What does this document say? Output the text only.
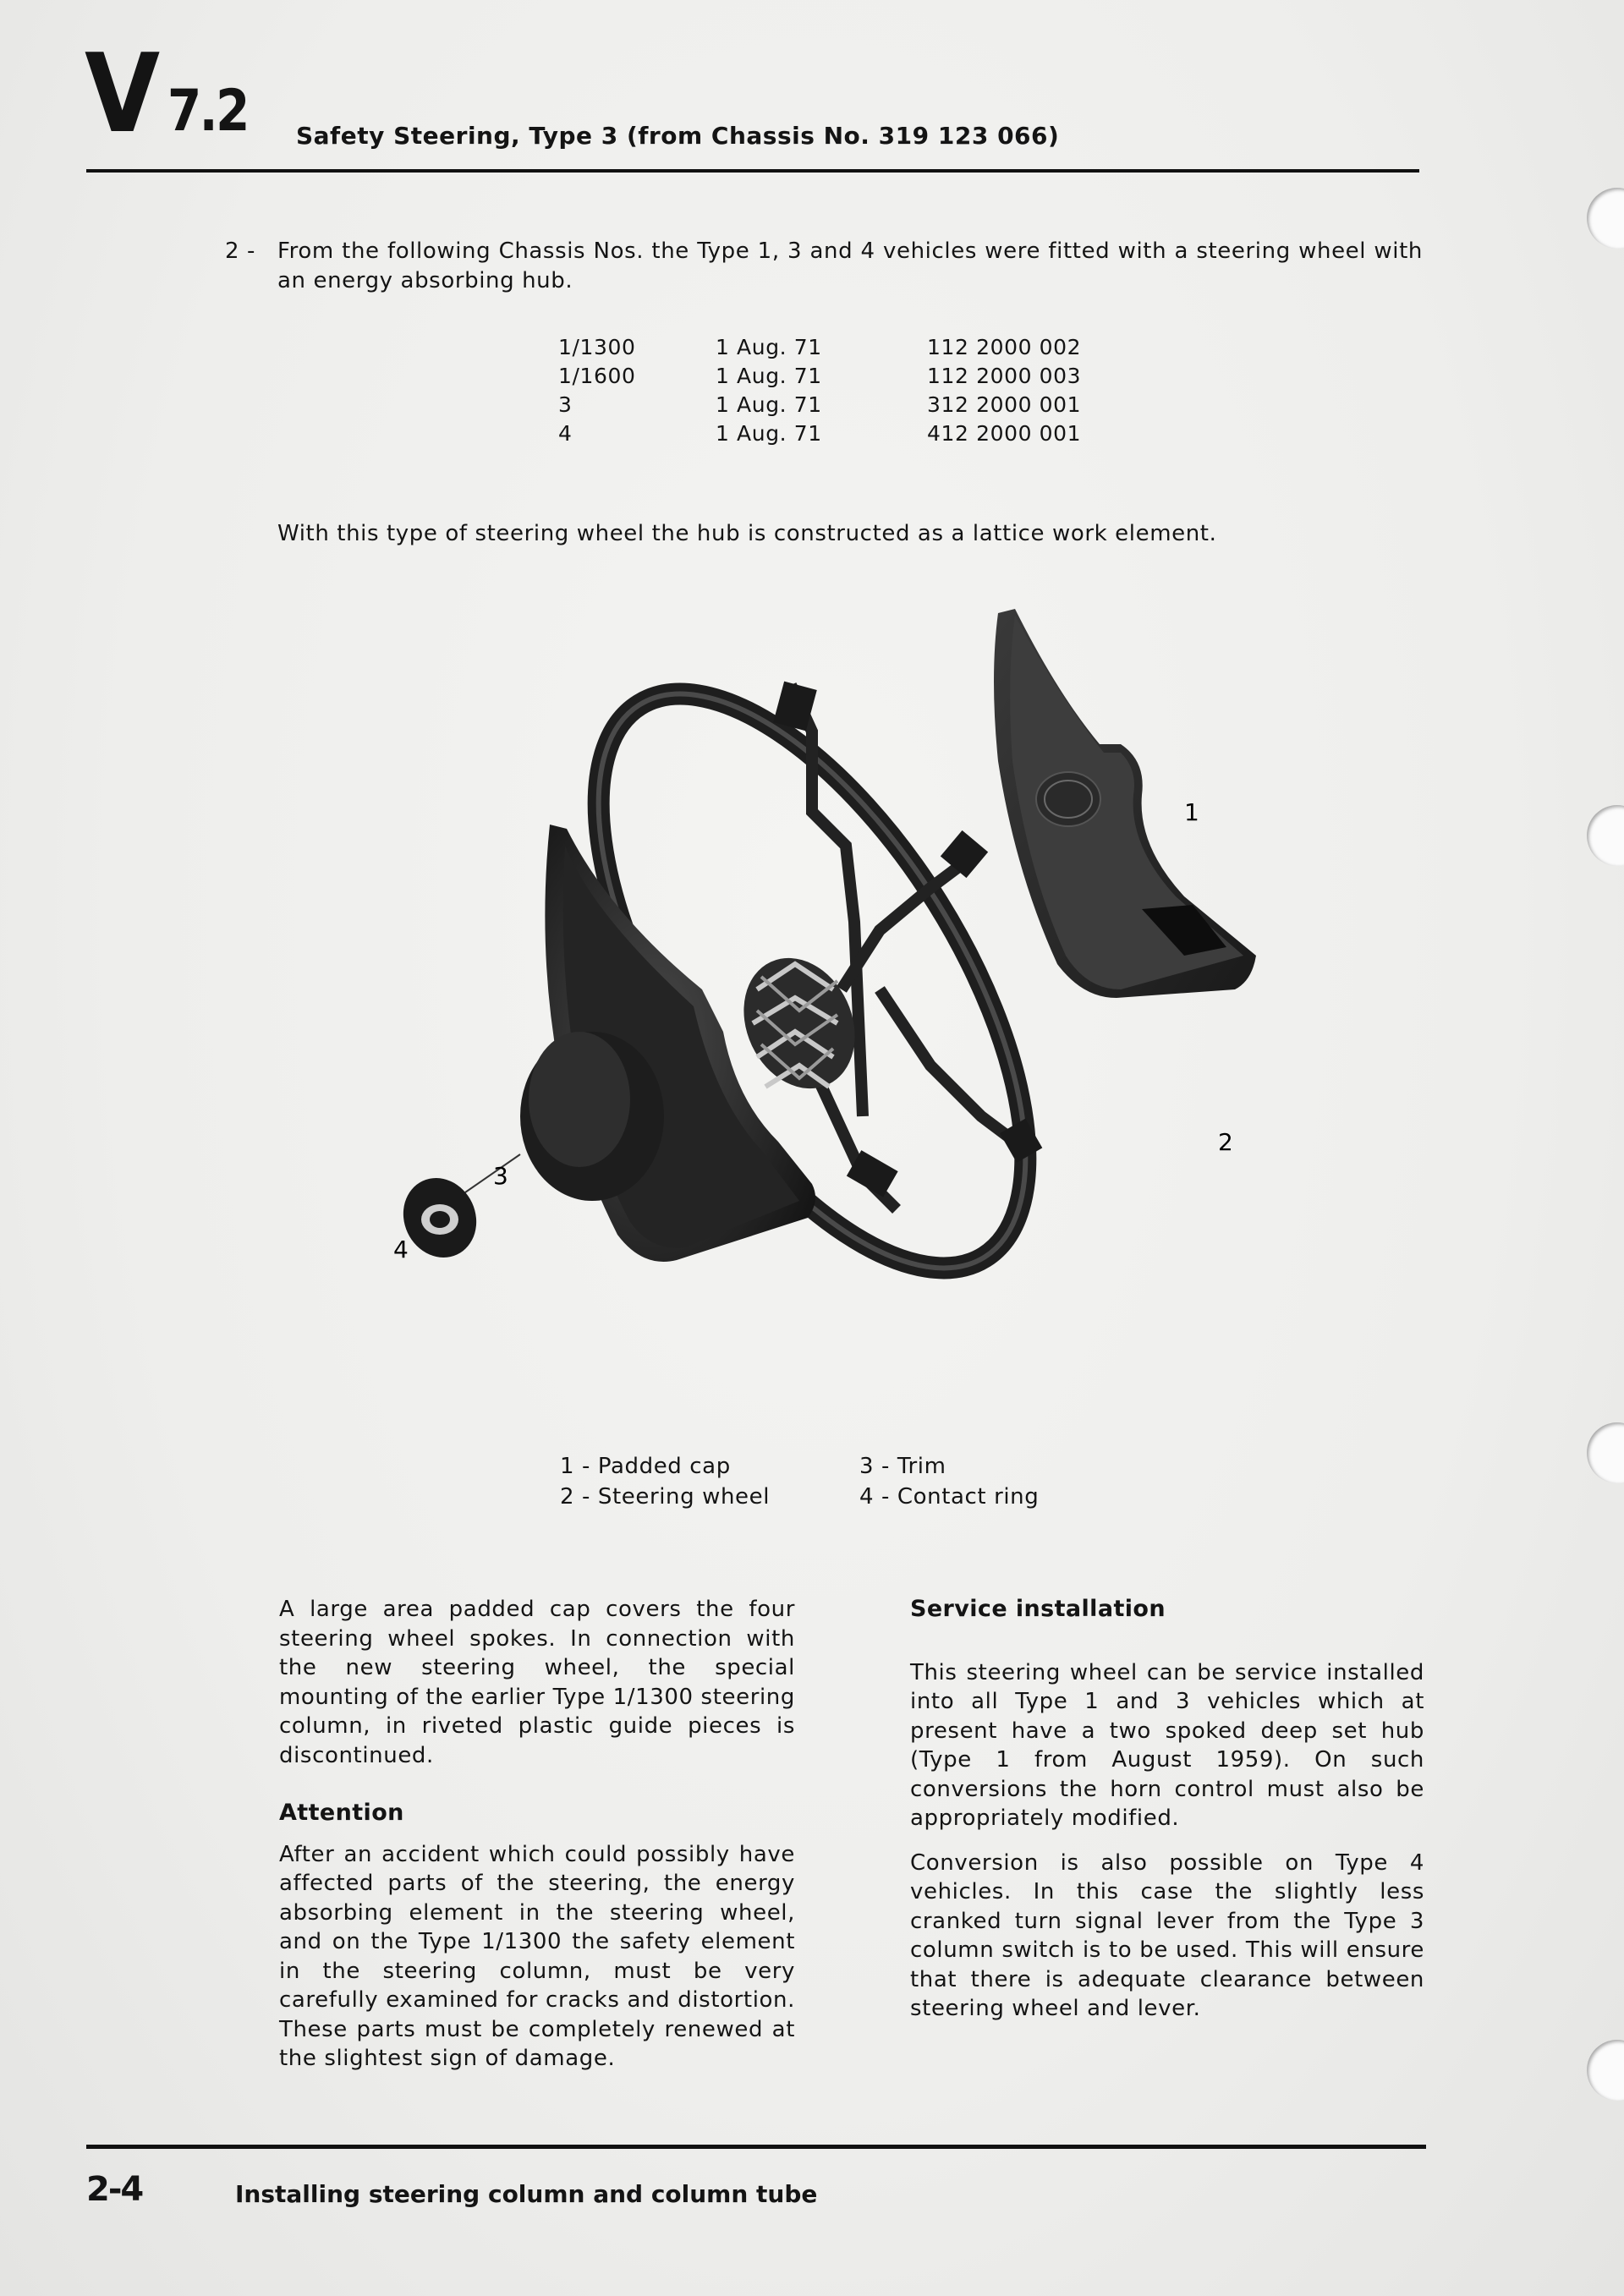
V 7.2 Safety Steering, Type 3 (from Chassis No. 319 123 066)
2 - From the following Chassis Nos. the Type 1, 3 and 4 vehicles were fitted with a steering wheel with an energy absorbing hub.
1/1300	1 Aug. 71	112 2000 002
1/1600	1 Aug. 71	112 2000 003
3	1 Aug. 71	312 2000 001
4	1 Aug. 71	412 2000 001
With this type of steering wheel the hub is constructed as a lattice work element.
1
2
3
4
1 - Padded cap
2 - Steering wheel
3 - Trim
4 - Contact ring

A large area padded cap covers the four steering wheel spokes. In connection with the new steering wheel, the special mounting of the earlier Type 1/1300 steering column, in riveted plastic guide pieces is discontinued.

Attention

After an accident which could possibly have affected parts of the steering, the energy absorbing element in the steering wheel, and on the Type 1/1300 the safety element in the steering column, must be very carefully examined for cracks and distortion. These parts must be completely renewed at the slightest sign of damage.

Service installation

This steering wheel can be service installed into all Type 1 and 3 vehicles which at present have a two spoked deep set hub (Type 1 from August 1959). On such conversions the horn control must also be appropriately modified.

Conversion is also possible on Type 4 vehicles. In this case the slightly less cranked turn signal lever from the Type 3 column switch is to be used. This will ensure that there is adequate clearance between steering wheel and lever.

2-4	Installing steering column and column tube
